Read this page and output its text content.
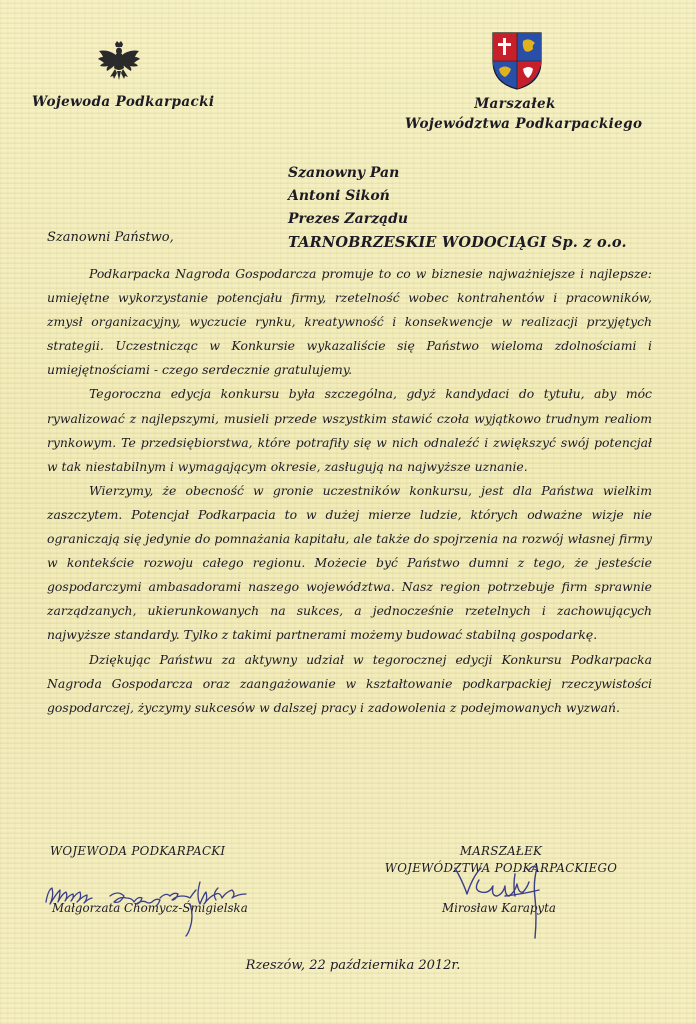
Wojewoda Podkarpacki	Marszałek
Województwa Podkarpackiego
Szanowny Pan
Antoni Sikoń
Prezes Zarządu
TARNOBRZESKIE WODOCIĄGI Sp. z o.o.
Szanowni Państwo,

Podkarpacka Nagroda Gospodarcza promuje to co w biznesie najważniejsze i najlepsze: umiejętne wykorzystanie potencjału firmy, rzetelność wobec kontrahentów i pracowników, zmysł organizacyjny, wyczucie rynku, kreatywność i konsekwencje w realizacji przyjętych strategii. Uczestnicząc w Konkursie wykazaliście się Państwo wieloma zdolnościami i umiejętnościami - czego serdecznie gratulujemy.

Tegoroczna edycja konkursu była szczególna, gdyż kandydaci do tytułu, aby móc rywalizować z najlepszymi, musieli przede wszystkim stawić czoła wyjątkowo trudnym realiom rynkowym. Te przedsiębiorstwa, które potrafiły się w nich odnaleźć i zwiększyć swój potencjał w tak niestabilnym i wymagającym okresie, zasługują na najwyższe uznanie.

Wierzymy, że obecność w gronie uczestników konkursu, jest dla Państwa wielkim zaszczytem. Potencjał Podkarpacia to w dużej mierze ludzie, których odważne wizje nie ograniczają się jedynie do pomnażania kapitału, ale także do spojrzenia na rozwój własnej firmy w kontekście rozwoju całego regionu. Możecie być Państwo dumni z tego, że jesteście gospodarczymi ambasadorami naszego województwa. Nasz region potrzebuje firm sprawnie zarządzanych, ukierunkowanych na sukces, a jednocześnie rzetelnych i zachowujących najwyższe standardy. Tylko z takimi partnerami możemy budować stabilną gospodarkę.

Dziękując Państwu za aktywny udział w tegorocznej edycji Konkursu Podkarpacka Nagroda Gospodarcza oraz zaangażowanie w kształtowanie podkarpackiej rzeczywistości gospodarczej, życzymy sukcesów w dalszej pracy i zadowolenia z podejmowanych wyzwań.

WOJEWODA PODKARPACKI
Małgorzata Chomycz-Śmigielska
MARSZAŁEK
WOJEWÓDZTWA PODKARPACKIEGO
Mirosław Karapyta
Rzeszów, 22 października 2012r.
